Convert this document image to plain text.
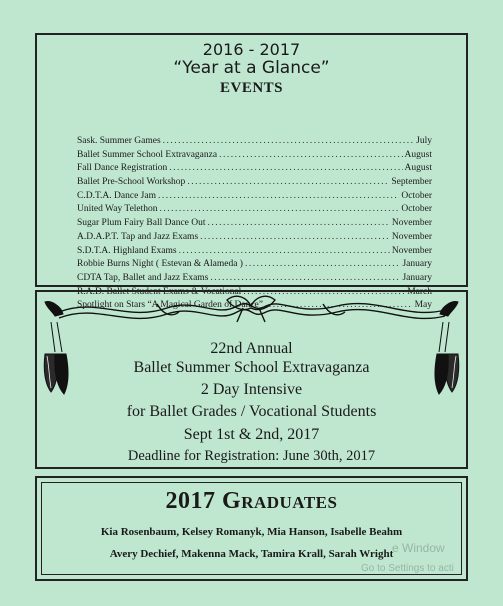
2016 - 2017
“Year at a Glance”
EVENTS
Sask. Summer Games .....	July
Ballet Summer School Extravaganza .....	August
Fall Dance Registration .....	August
Ballet Pre-School Workshop .....	September
C.D.T.A. Dance Jam .....	October
United Way Telethon .....	October
Sugar Plum Fairy Ball Dance Out .....	November
A.D.A.P.T. Tap and Jazz Exams .....	November
S.D.T.A. Highland Exams .....	November
Robbie Burns Night ( Estevan & Alameda ) .....	January
CDTA Tap, Ballet and Jazz Exams .....	January
R.A.D. Ballet Student Exams & Vocational .....	March
Spotlight on Stars “A Magical Garden of Dance” .....	May
22nd Annual
Ballet Summer School Extravaganza
2 Day Intensive
for Ballet Grades / Vocational Students
Sept 1st & 2nd, 2017
Deadline for Registration: June 30th, 2017
2017 Graduates
Kia Rosenbaum, Kelsey Romanyk, Mia Hanson, Isabelle Beahm
Avery Dechief, Makenna Mack, Tamira Krall, Sarah Wright
e Window
Go to Settings to acti
